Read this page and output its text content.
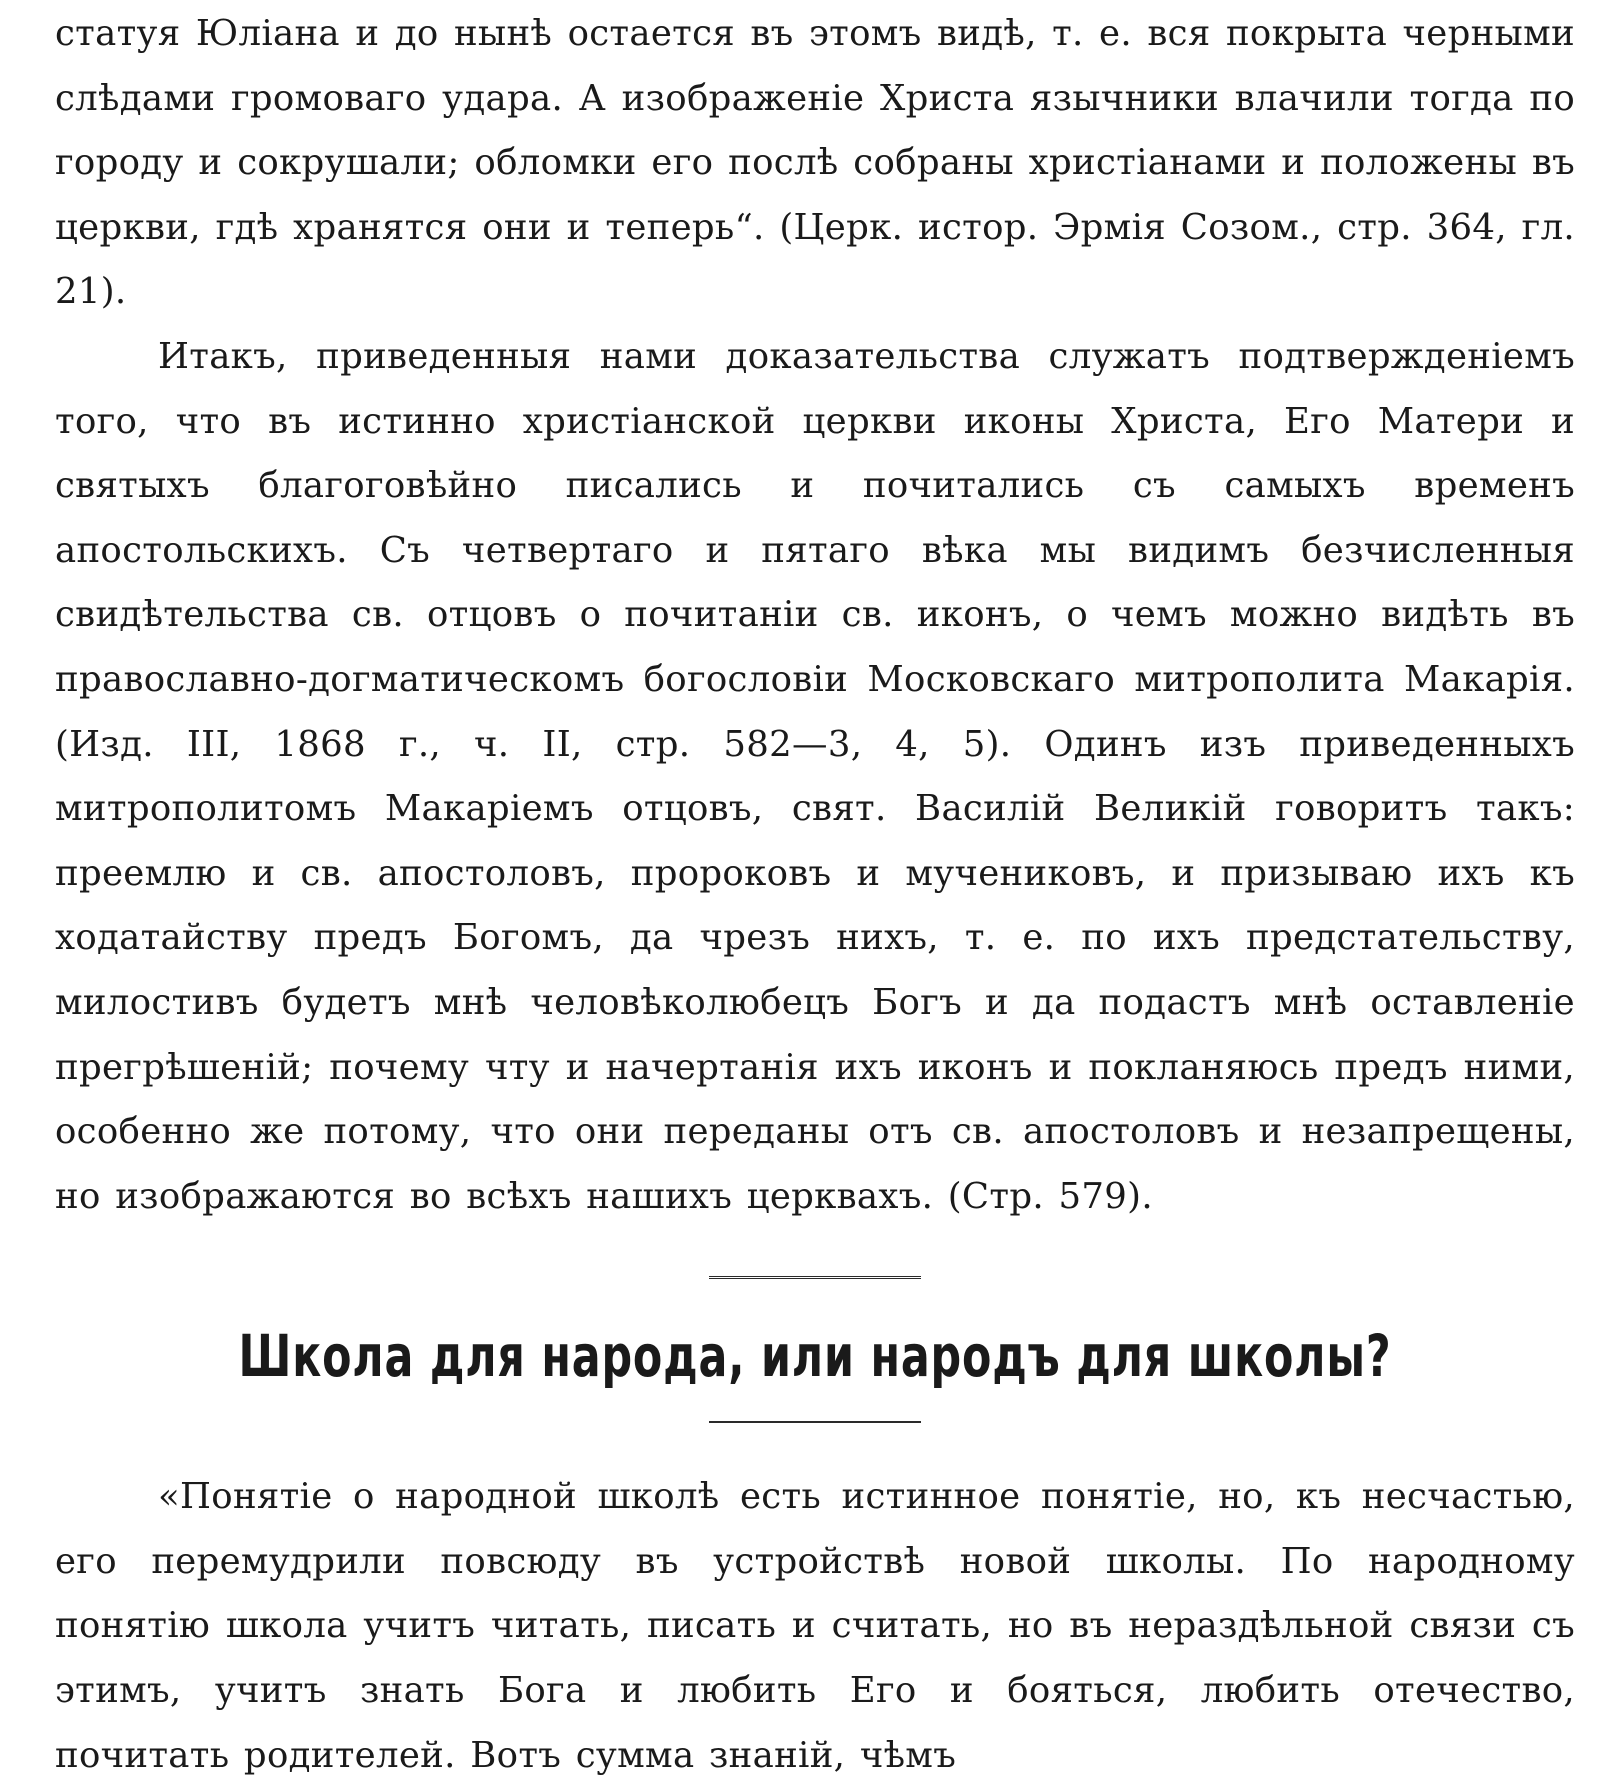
статуя Юліана и до нынѣ остается въ этомъ видѣ, т. е. вся покрыта черными слѣдами громоваго удара. А изображеніе Христа язычники влачили тогда по городу и сокрушали; обломки его послѣ собраны христіанами и положены въ церкви, гдѣ хранятся они и теперь“. (Церк. истор. Эрмія Созом., стр. 364, гл. 21).

Итакъ, приведенныя нами доказательства служатъ подтвержденіемъ того, что въ истинно христіанской церкви иконы Христа, Его Матери и святыхъ благоговѣйно писались и почитались съ самыхъ временъ апостольскихъ. Съ четвертаго и пятаго вѣка мы видимъ безчисленныя свидѣтельства св. отцовъ о почитаніи св. иконъ, о чемъ можно видѣть въ православно-догматическомъ богословіи Московскаго митрополита Макарія. (Изд. III, 1868 г., ч. II, стр. 582—3, 4, 5). Одинъ изъ приведенныхъ митрополитомъ Макаріемъ отцовъ, свят. Василій Великій говоритъ такъ: преемлю и св. апостоловъ, пророковъ и мучениковъ, и призываю ихъ къ ходатайству предъ Богомъ, да чрезъ нихъ, т. е. по ихъ предстательству, милостивъ будетъ мнѣ человѣколюбецъ Богъ и да подастъ мнѣ оставленіе прегрѣшеній; почему чту и начертанія ихъ иконъ и покланяюсь предъ ними, особенно же потому, что они переданы отъ св. апостоловъ и незапрещены, но изображаются во всѣхъ нашихъ церквахъ. (Стр. 579).

Школа для народа, или народъ для школы?

«Понятіе о народной школѣ есть истинное понятіе, но, къ несчастью, его перемудрили повсюду въ устройствѣ новой школы. По народному понятію школа учитъ читать, писать и считать, но въ нераздѣльной связи съ этимъ, учитъ знать Бога и любить Его и бояться, любить отечество, почитать родителей. Вотъ сумма знаній, чѣмъ
